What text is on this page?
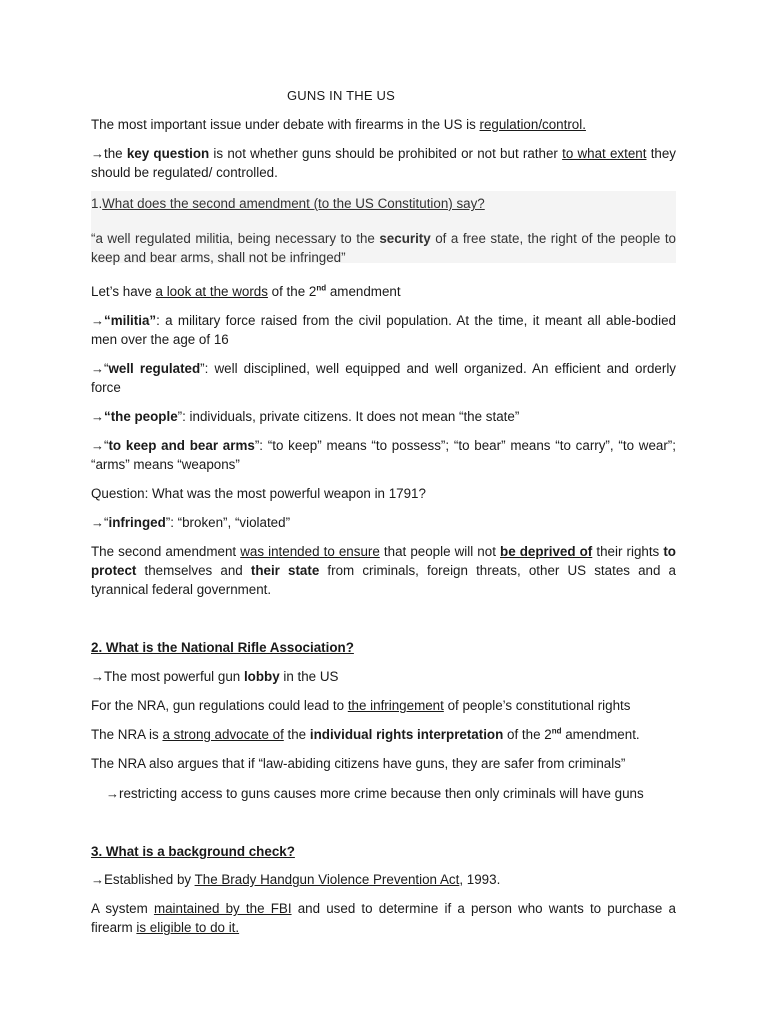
GUNS IN THE US

The most important issue under debate with firearms in the US is regulation/control.

→the key question is not whether guns should be prohibited or not but rather to what extent they should be regulated/ controlled.

1.What does the second amendment (to the US Constitution) say?
“a well regulated militia, being necessary to the security of a free state, the right of the people to keep and bear arms, shall not be infringed”

Let’s have a look at the words of the 2nd amendment

→“militia”: a military force raised from the civil population. At the time, it meant all able-bodied men over the age of 16

→“well regulated”: well disciplined, well equipped and well organized. An efficient and orderly force

→“the people”: individuals, private citizens. It does not mean “the state”

→“to keep and bear arms”: “to keep” means “to possess”; “to bear” means “to carry”, “to wear”; “arms” means “weapons”

Question: What was the most powerful weapon in 1791?

→“infringed”: “broken”, “violated”

The second amendment was intended to ensure that people will not be deprived of their rights to protect themselves and their state from criminals, foreign threats, other US states and a tyrannical federal government.

2. What is the National Rifle Association?

→The most powerful gun lobby in the US

For the NRA, gun regulations could lead to the infringement of people’s constitutional rights

The NRA is a strong advocate of the individual rights interpretation of the 2nd amendment.

The NRA also argues that if “law-abiding citizens have guns, they are safer from criminals”

→restricting access to guns causes more crime because then only criminals will have guns

3. What is a background check?

→Established by The Brady Handgun Violence Prevention Act, 1993.

A system maintained by the FBI and used to determine if a person who wants to purchase a firearm is eligible to do it.
